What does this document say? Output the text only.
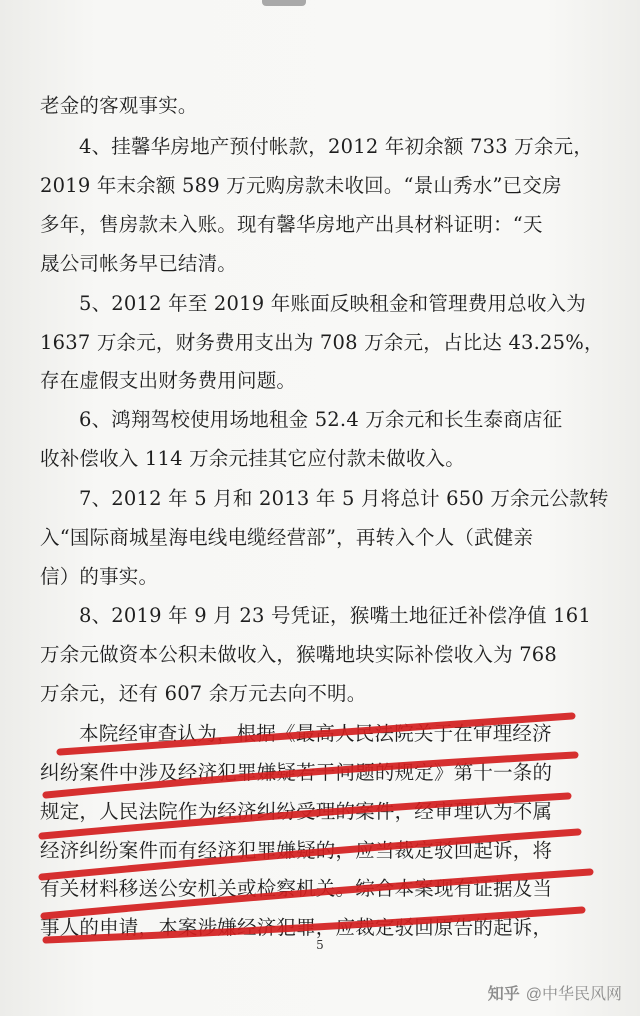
老金的客观事实。
4、挂馨华房地产预付帐款，2012 年初余额 733 万余元，
2019 年末余额 589 万元购房款未收回。“景山秀水”已交房
多年，售房款未入账。现有馨华房地产出具材料证明：“天
晟公司帐务早已结清。
5、2012 年至 2019 年账面反映租金和管理费用总收入为
1637 万余元，财务费用支出为 708 万余元，占比达 43.25%，
存在虚假支出财务费用问题。
6、鸿翔驾校使用场地租金 52.4 万余元和长生泰商店征
收补偿收入 114 万余元挂其它应付款未做收入。
7、2012 年 5 月和 2013 年 5 月将总计 650 万余元公款转
入“国际商城星海电线电缆经营部”，再转入个人（武健亲
信）的事实。
8、2019 年 9 月 23 号凭证，猴嘴土地征迁补偿净值 161
万余元做资本公积未做收入，猴嘴地块实际补偿收入为 768
万余元，还有 607 余万元去向不明。
本院经审查认为，根据《最高人民法院关于在审理经济
纠纷案件中涉及经济犯罪嫌疑若干问题的规定》第十一条的
规定，人民法院作为经济纠纷受理的案件，经审理认为不属
经济纠纷案件而有经济犯罪嫌疑的，应当裁定驳回起诉，将
有关材料移送公安机关或检察机关。综合本案现有证据及当
事人的申请，本案涉嫌经济犯罪，应裁定驳回原告的起诉，
5
知乎 @中华民风网
